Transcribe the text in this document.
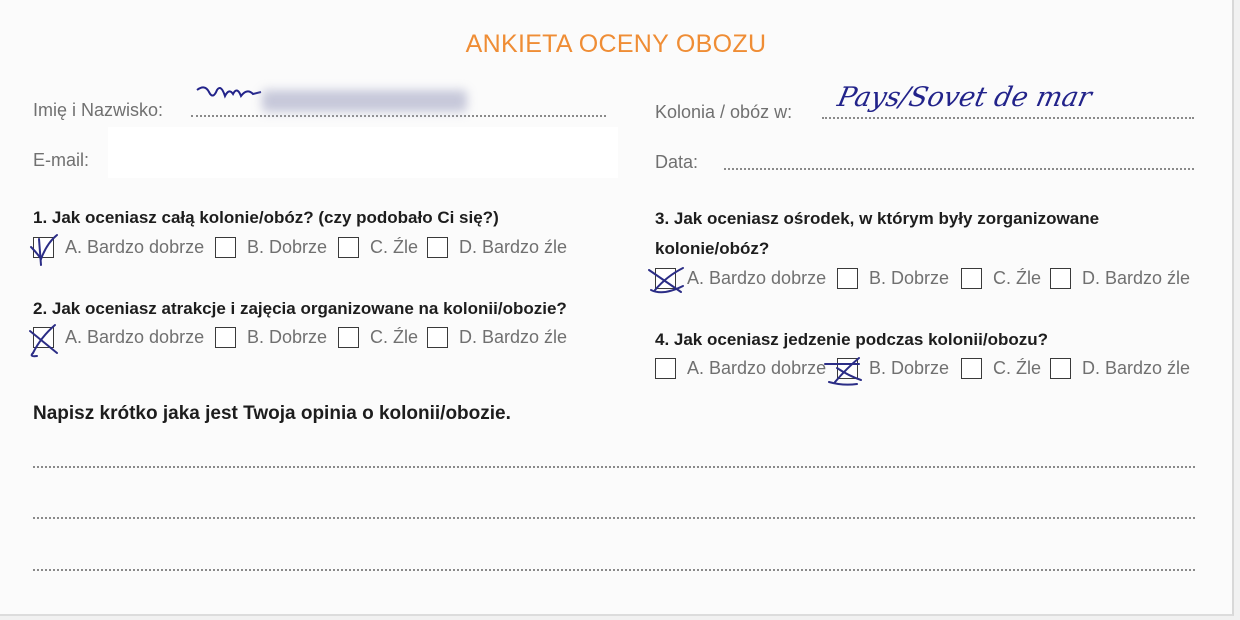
ANKIETA OCENY OBOZU
Imię i Nazwisko:
​
E-mail:
Kolonia / obóz w: Pays/Sovet de mar
Data:
1. Jak oceniasz całą kolonie/obóz? (czy podobało Ci się?)
A. Bardzo dobrze B. Dobrze C. Źle D. Bardzo źle
2. Jak oceniasz atrakcje i zajęcia organizowane na kolonii/obozie?
A. Bardzo dobrze B. Dobrze C. Źle D. Bardzo źle
3. Jak oceniasz ośrodek, w którym były zorganizowane
kolonie/obóz?
A. Bardzo dobrze B. Dobrze C. Źle D. Bardzo źle
4. Jak oceniasz jedzenie podczas kolonii/obozu?
A. Bardzo dobrze B. Dobrze C. Źle D. Bardzo źle
Napisz krótko jaka jest Twoja opinia o kolonii/obozie.
